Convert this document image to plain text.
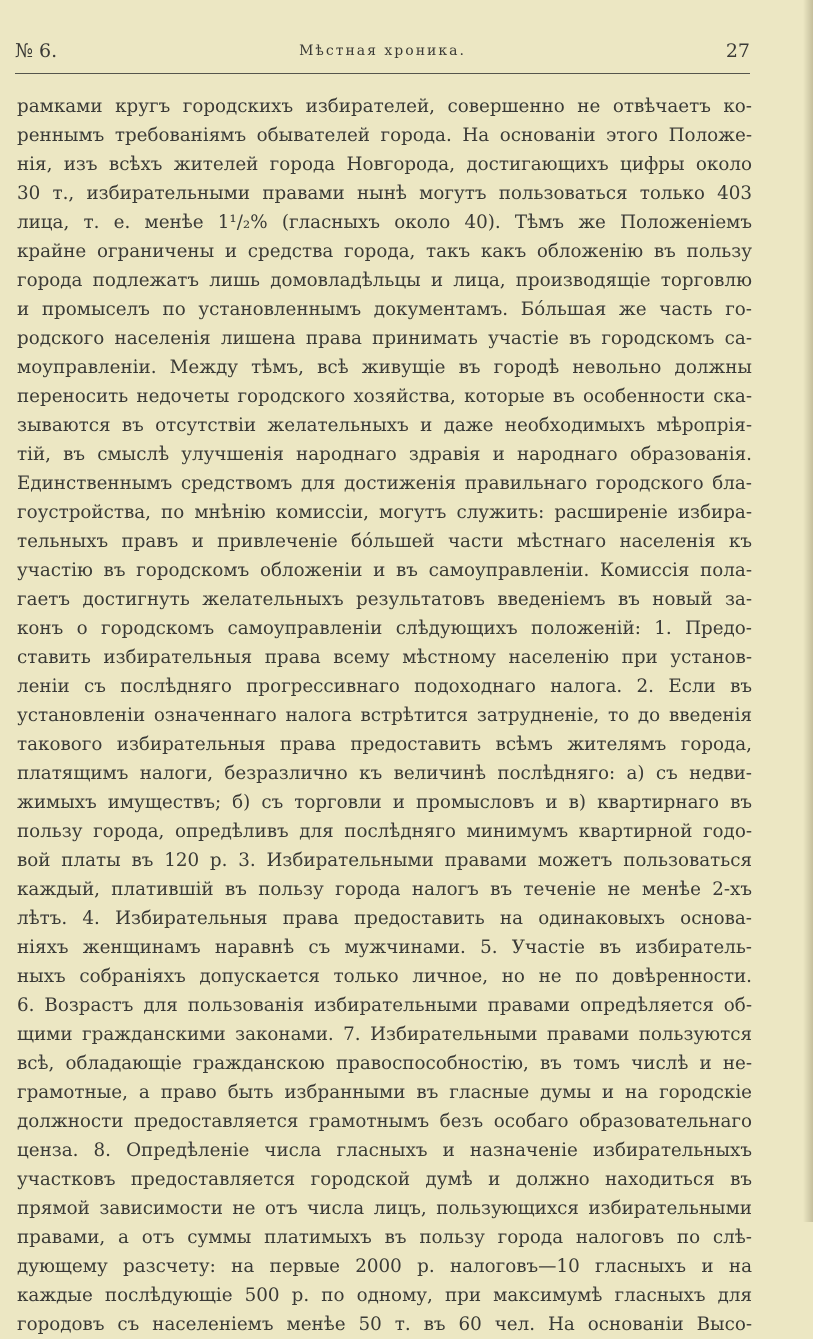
№ 6.	Мѣстная хроника.	27
рамками кругъ городскихъ избирателей, совершенно не отвѣчаетъ ко-
реннымъ требованiямъ обывателей города. На основанiи этого Положе-
нiя, изъ всѣхъ жителей города Новгорода, достигающихъ цифры около
30 т., избирательными правами нынѣ могутъ пользоваться только 403
лица, т. е. менѣе 1¹/₂% (гласныхъ около 40). Тѣмъ же Положенiемъ
крайне ограничены и средства города, такъ какъ обложенiю въ пользу
города подлежатъ лишь домовладѣльцы и лица, производящiе торговлю
и промыселъ по установленнымъ документамъ. Бóльшая же часть го-
родского населенiя лишена права принимать участiе въ городскомъ са-
моуправленiи. Между тѣмъ, всѣ живущiе въ городѣ невольно должны
переносить недочеты городского хозяйства, которые въ особенности ска-
зываются въ отсутствiи желательныхъ и даже необходимыхъ мѣропрiя-
тiй, въ смыслѣ улучшенiя народнаго здравiя и народнаго образованiя.
Единственнымъ средствомъ для достиженiя правильнаго городского бла-
гоустройства, по мнѣнiю комиссiи, могутъ служить: расширенiе избира-
тельныхъ правъ и привлеченiе бóльшей части мѣстнаго населенiя къ
участiю въ городскомъ обложенiи и въ самоуправленiи. Комиссiя пола-
гаетъ достигнуть желательныхъ результатовъ введенiемъ въ новый за-
конъ о городскомъ самоуправленiи слѣдующихъ положенiй: 1. Предо-
ставить избирательныя права всему мѣстному населенiю при установ-
ленiи съ послѣдняго прогрессивнаго подоходнаго налога. 2. Если въ
установленiи означеннаго налога встрѣтится затрудненiе, то до введенiя
такового избирательныя права предоставить всѣмъ жителямъ города,
платящимъ налоги, безразлично къ величинѣ послѣдняго: а) съ недви-
жимыхъ имуществъ; б) съ торговли и промысловъ и в) квартирнаго въ
пользу города, опредѣливъ для послѣдняго минимумъ квартирной годо-
вой платы въ 120 р. 3. Избирательными правами можетъ пользоваться
каждый, платившiй въ пользу города налогъ въ теченiе не менѣе 2-хъ
лѣтъ. 4. Избирательныя права предоставить на одинаковыхъ основа-
нiяхъ женщинамъ наравнѣ съ мужчинами. 5. Участiе въ избиратель-
ныхъ собранiяхъ допускается только личное, но не по довѣренности.
6. Возрастъ для пользованiя избирательными правами опредѣляется об-
щими гражданскими законами. 7. Избирательными правами пользуются
всѣ, обладающiе гражданскою правоспособностiю, въ томъ числѣ и не-
грамотные, а право быть избранными въ гласные думы и на городскiе
должности предоставляется грамотнымъ безъ особаго образовательнаго
ценза. 8. Опредѣленiе числа гласныхъ и назначенiе избирательныхъ
участковъ предоставляется городской думѣ и должно находиться въ
прямой зависимости не отъ числа лицъ, пользующихся избирательными
правами, а отъ суммы платимыхъ въ пользу города налоговъ по слѣ-
дующему разсчету: на первые 2000 р. налоговъ—10 гласныхъ и на
каждые послѣдующiе 500 р. по одному, при максимумѣ гласныхъ для
городовъ съ населенiемъ менѣе 50 т. въ 60 чел. На основанiи Высо-
